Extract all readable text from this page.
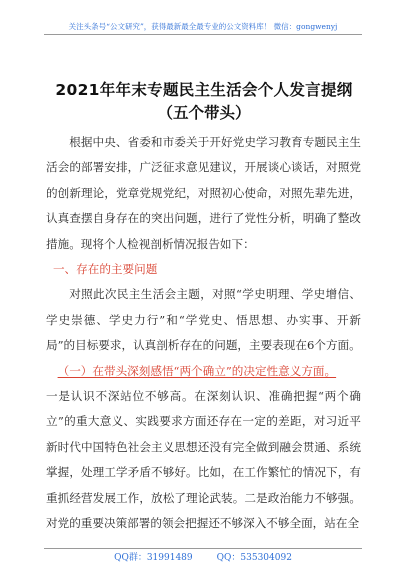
关注头条号“公文研究”，获得最新最全最专业的公文资料库！ 微信：gongwenyj
2021年年末专题民主生活会个人发言提纲
（五个带头）

根据中央、省委和市委关于开好党史学习教育专题民主生活会的部署安排，广泛征求意见建议，开展谈心谈话，对照党的创新理论，党章党规党纪，对照初心使命，对照先辈先进，认真查摆自身存在的突出问题，进行了党性分析，明确了整改措施。现将个人检视剖析情况报告如下：

一、存在的主要问题

对照此次民主生活会主题，对照“学史明理、学史增信、学史崇德、学史力行”和“学党史、悟思想、办实事、开新局”的目标要求，认真剖析存在的问题，主要表现在6个方面。

（一）在带头深刻感悟“两个确立”的决定性意义方面。

一是认识不深站位不够高。在深刻认识、准确把握“两个确立”的重大意义、实践要求方面还存在一定的差距，对习近平新时代中国特色社会主义思想还没有完全做到融会贯通、系统掌握，处理工学矛盾不够好。比如，在工作繁忙的情况下，有重抓经营发展工作，放松了理论武装。二是政治能力不够强。对党的重要决策部署的领会把握还不够深入不够全面，站在全

QQ群：31991489	QQ：535304092
